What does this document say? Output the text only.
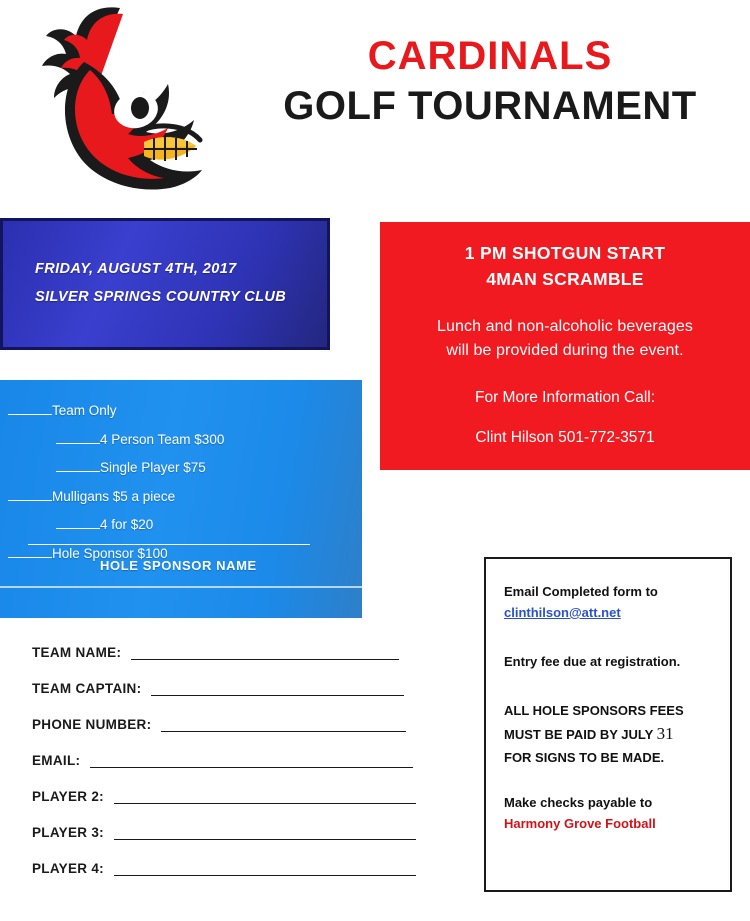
CARDINALS
GOLF TOURNAMENT
FRIDAY, AUGUST 4TH, 2017
SILVER SPRINGS COUNTRY CLUB
1 PM SHOTGUN START
4MAN SCRAMBLE
Lunch and non-alcoholic beverages
will be provided during the event.
For More Information Call:
Clint Hilson 501-772-3571
Team Only
4 Person Team $300
Single Player $75
Mulligans $5 a piece
4 for $20
Hole Sponsor $100
HOLE SPONSOR NAME
TEAM NAME:
TEAM CAPTAIN:
PHONE NUMBER:
EMAIL:
PLAYER 2:
PLAYER 3:
PLAYER 4:

Email Completed form to

clinthilson@att.net

Entry fee due at registration.

ALL HOLE SPONSORS FEES

MUST BE PAID BY JULY 31

FOR SIGNS TO BE MADE.

Make checks payable to

Harmony Grove Football
